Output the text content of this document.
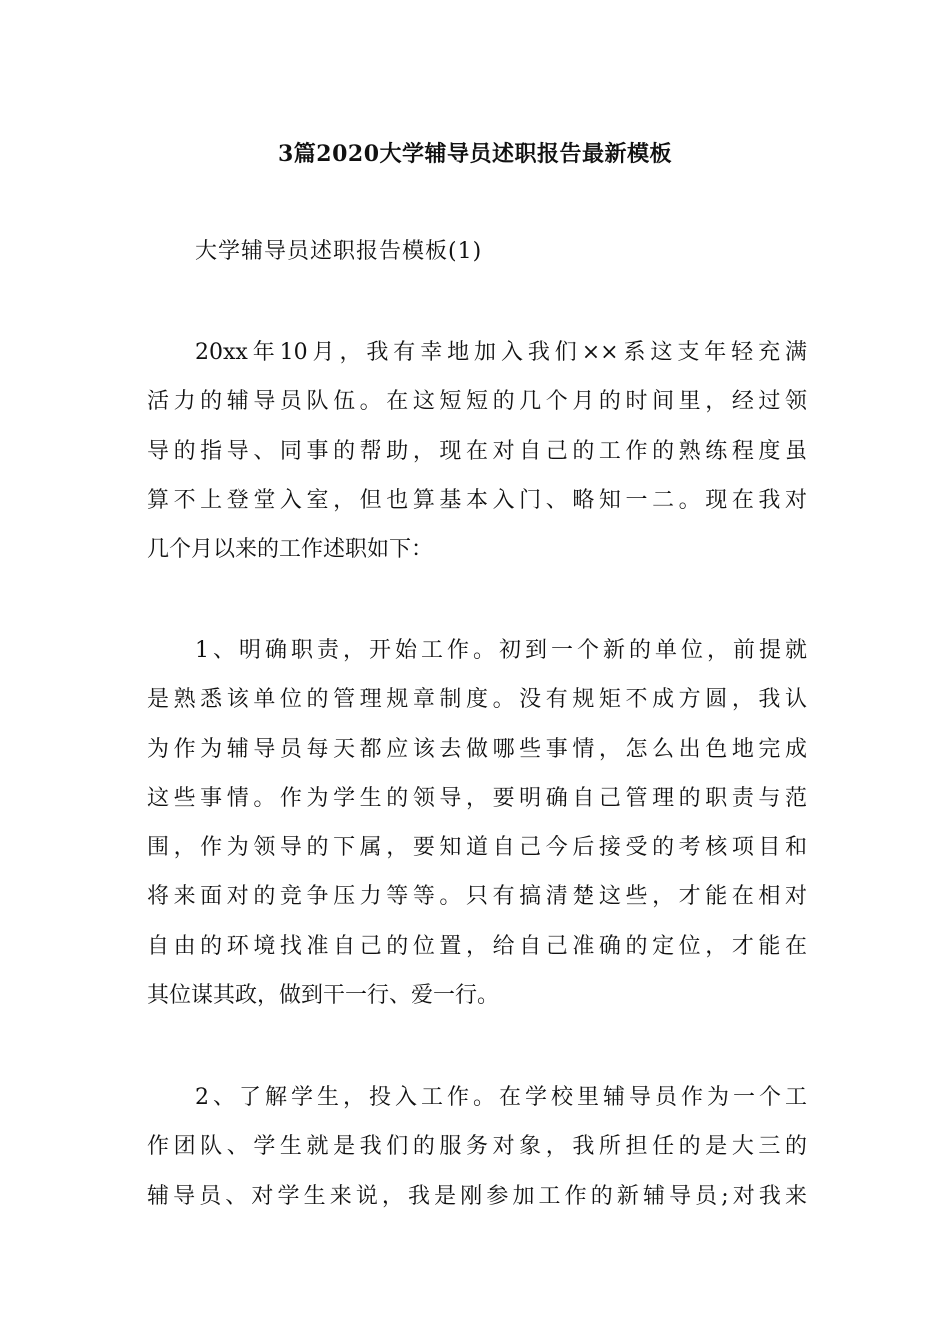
3篇2020大学辅导员述职报告最新模板
大学辅导员述职报告模板(1)
20xx年10月，我有幸地加入我们××系这支年轻充满
活力的辅导员队伍。在这短短的几个月的时间里，经过领
导的指导、同事的帮助，现在对自己的工作的熟练程度虽
算不上登堂入室，但也算基本入门、略知一二。现在我对
几个月以来的工作述职如下：
1、明确职责，开始工作。初到一个新的单位，前提就
是熟悉该单位的管理规章制度。没有规矩不成方圆，我认
为作为辅导员每天都应该去做哪些事情，怎么出色地完成
这些事情。作为学生的领导，要明确自己管理的职责与范
围，作为领导的下属，要知道自己今后接受的考核项目和
将来面对的竞争压力等等。只有搞清楚这些，才能在相对
自由的环境找准自己的位置，给自己准确的定位，才能在
其位谋其政，做到干一行、爱一行。
2、了解学生，投入工作。在学校里辅导员作为一个工
作团队、学生就是我们的服务对象，我所担任的是大三的
辅导员、对学生来说，我是刚参加工作的新辅导员;对我来
